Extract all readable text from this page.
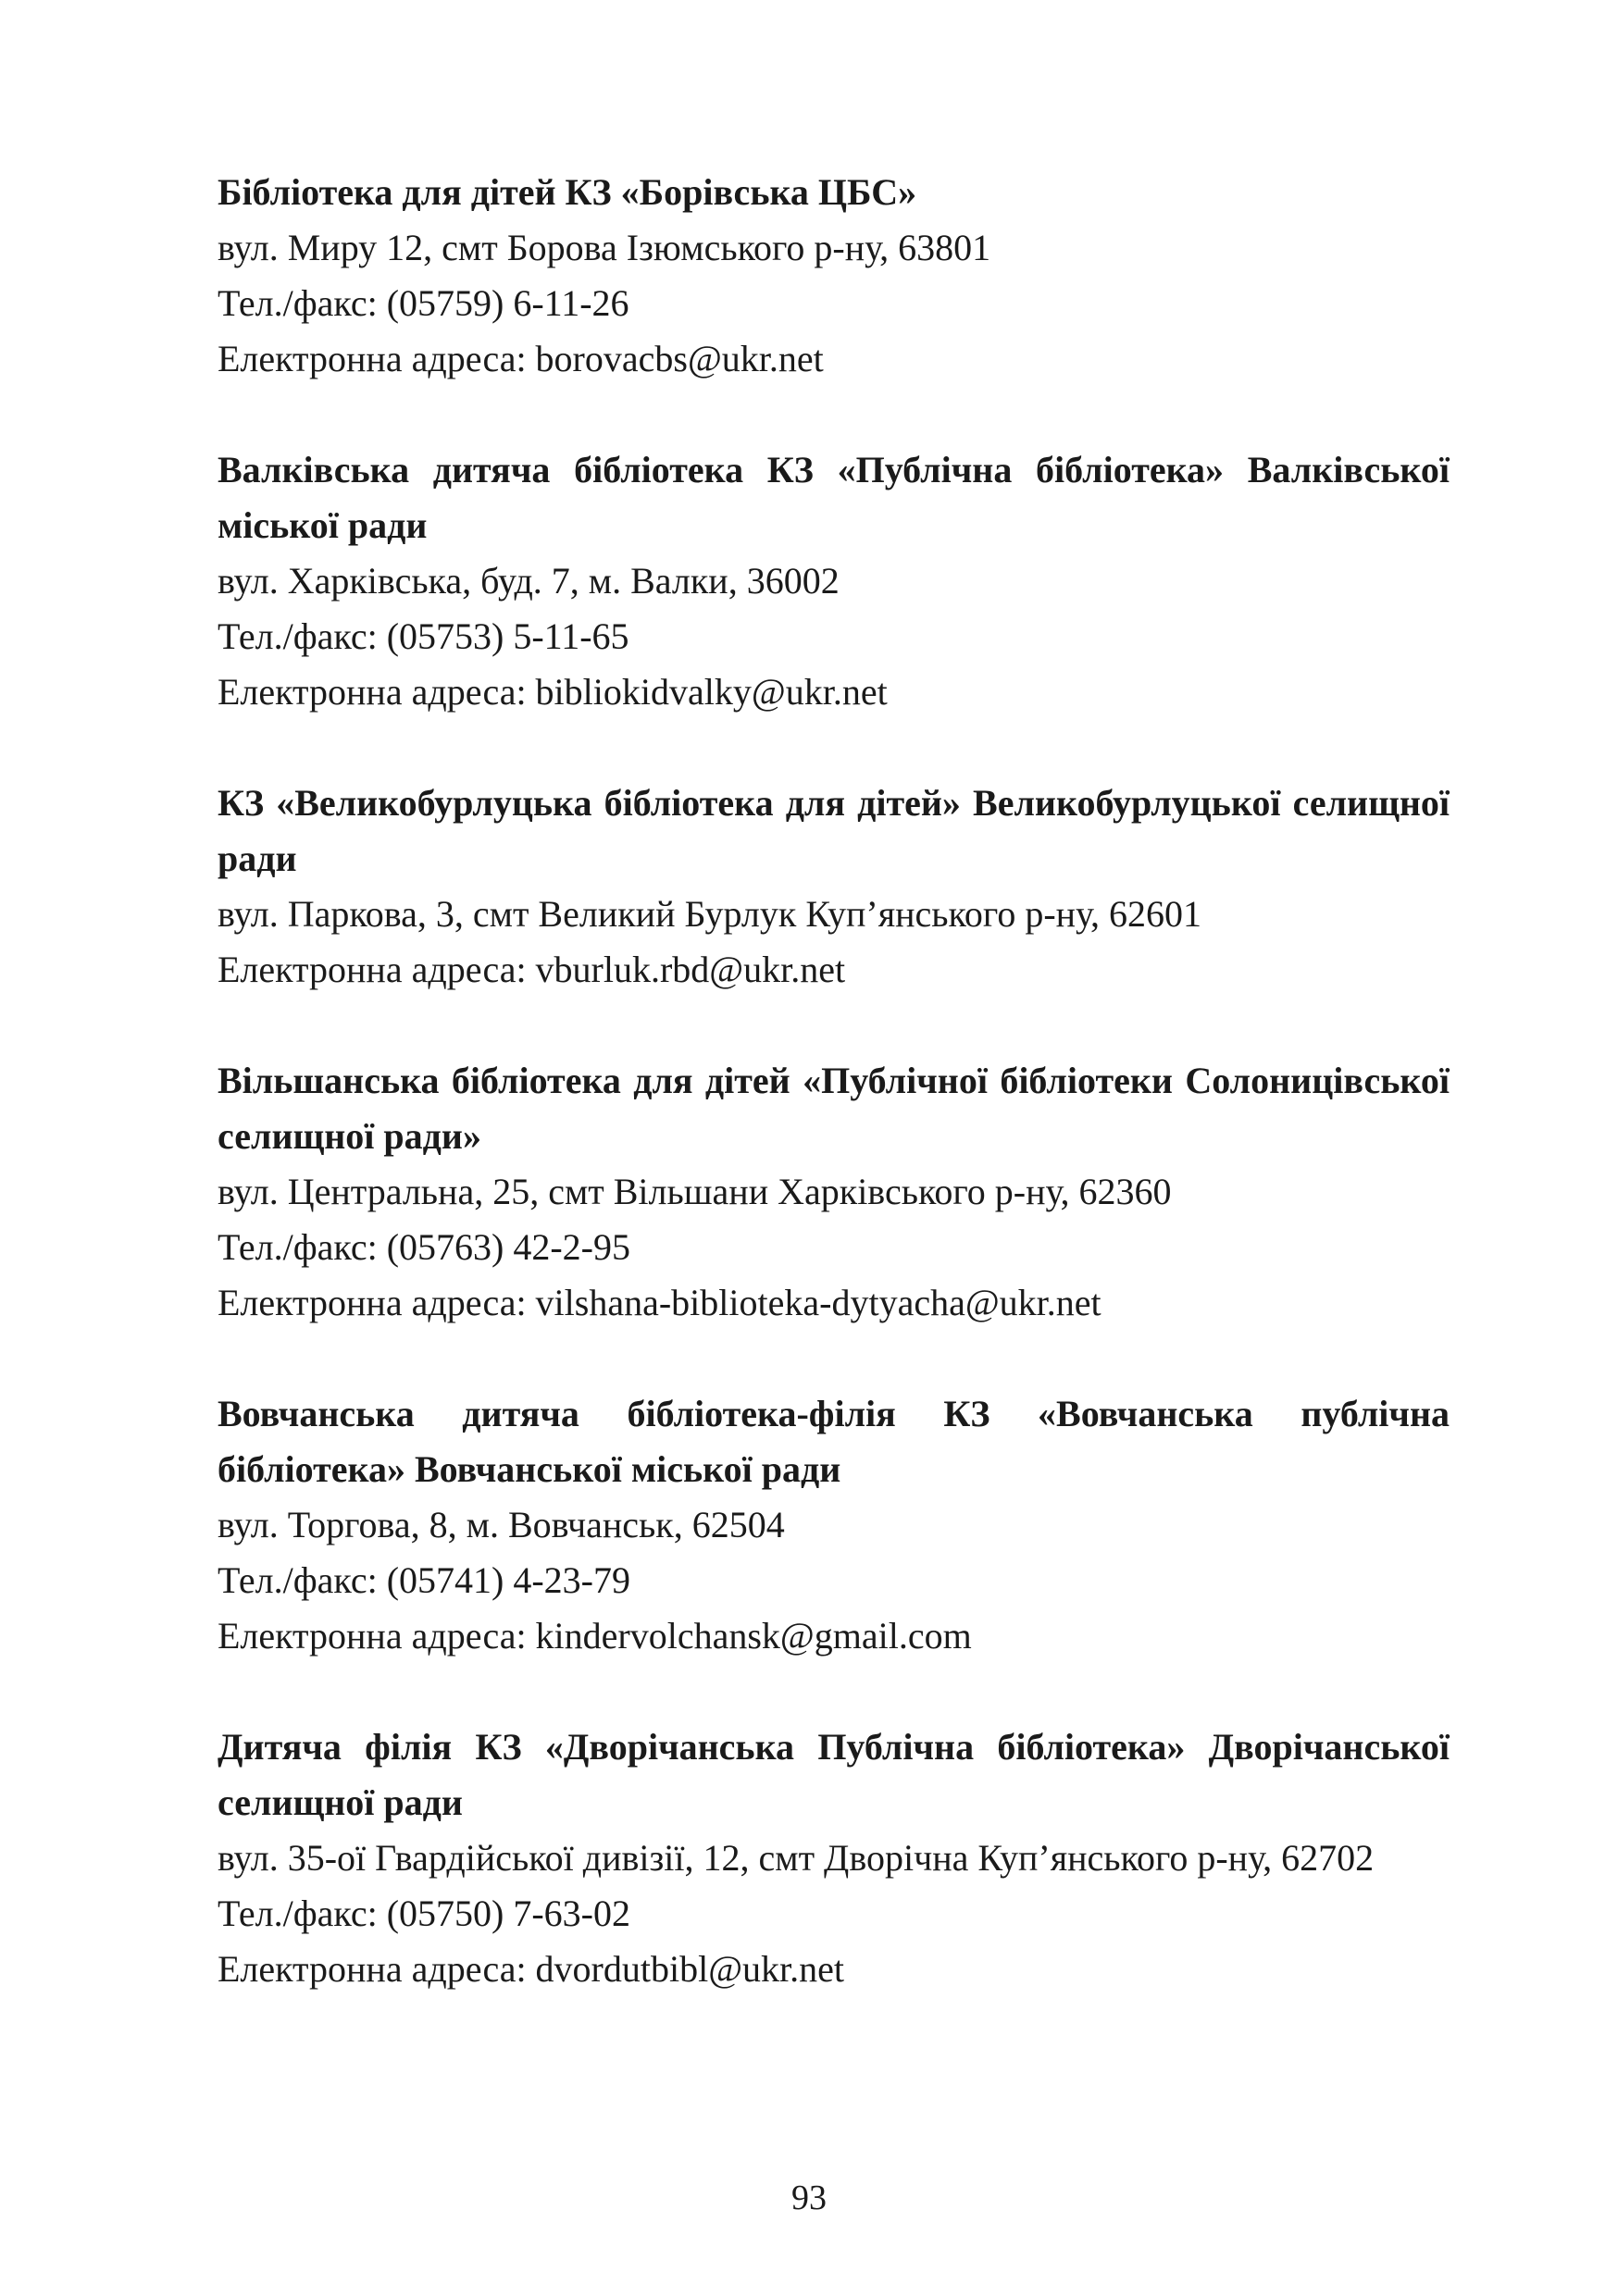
Бібліотека для дітей КЗ «Борівська ЦБС»

вул. Миру 12, смт Борова Ізюмського р-ну, 63801

Тел./факс: (05759) 6-11-26

Електронна адреса: borovacbs@ukr.net

Валківська дитяча бібліотека КЗ «Публічна бібліотека» Валківської міської ради

вул. Харківська, буд. 7, м. Валки, 36002

Тел./факс: (05753) 5-11-65

Електронна адреса: bibliokidvalky@ukr.net

КЗ «Великобурлуцька бібліотека для дітей» Великобурлуцької селищної ради

вул. Паркова, 3, смт Великий Бурлук Куп’янського р-ну, 62601

Електронна адреса: vburluk.rbd@ukr.net

Вільшанська бібліотека для дітей «Публічної бібліотеки Солоницівської селищної ради»

вул. Центральна, 25, смт Вільшани Харківського р-ну, 62360

Тел./факс: (05763) 42-2-95

Електронна адреса: vilshana-biblioteka-dytyacha@ukr.net

Вовчанська дитяча бібліотека-філія КЗ «Вовчанська публічна бібліотека» Вовчанської міської ради

вул. Торгова, 8, м. Вовчанськ, 62504

Тел./факс: (05741) 4-23-79

Електронна адреса: kindervolchansk@gmail.com

Дитяча філія КЗ «Дворічанська Публічна бібліотека» Дворічанської селищної ради

вул. 35-ої Гвардійської дивізії, 12, смт Дворічна Куп’янського р-ну, 62702

Тел./факс: (05750) 7-63-02

Електронна адреса: dvordutbibl@ukr.net

93
